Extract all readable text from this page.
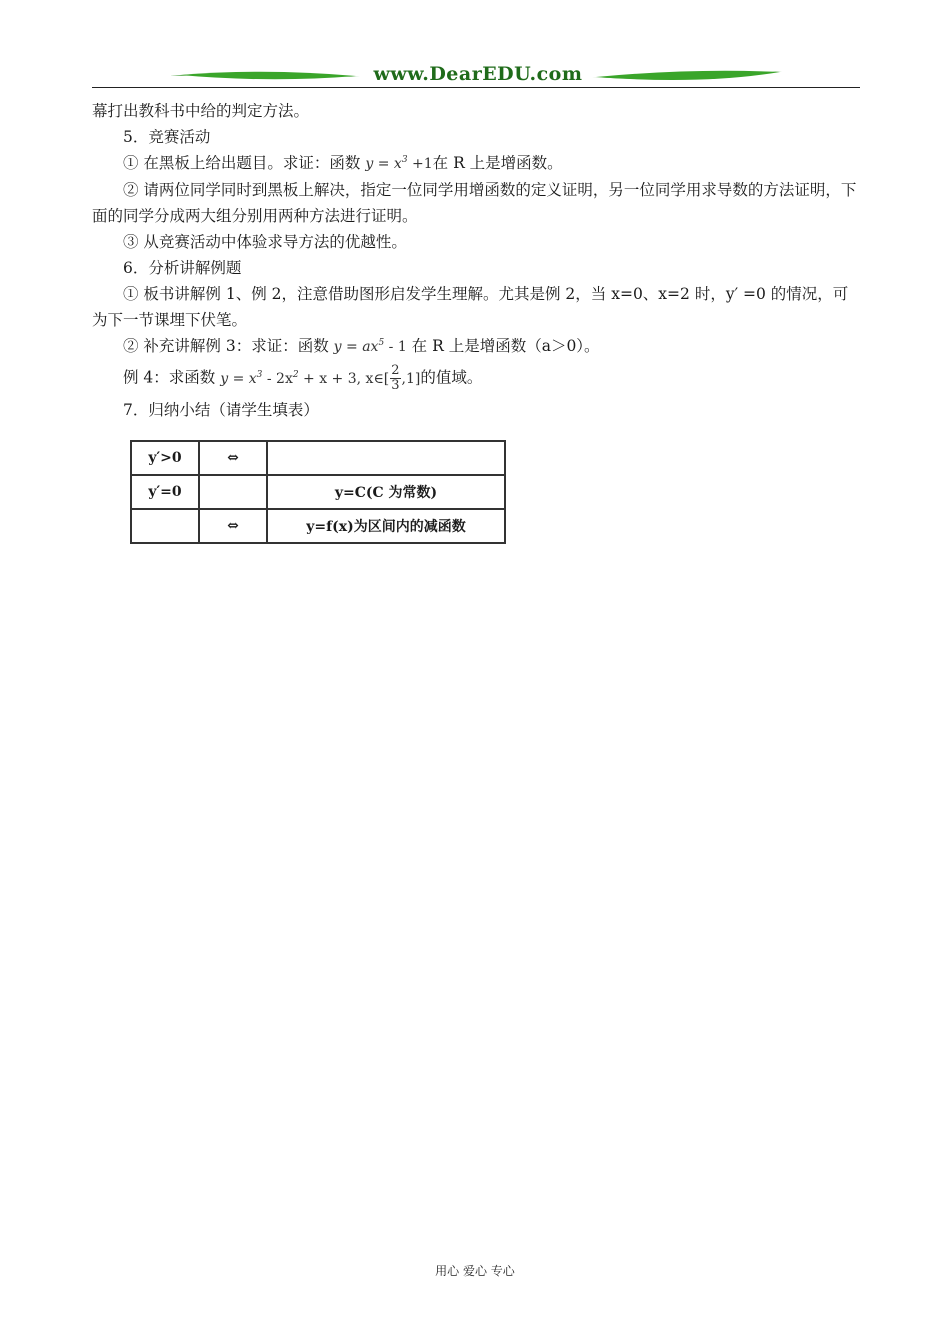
www.DearEDU.com
幕打出教科书中给的判定方法。
5．竞赛活动
① 在黑板上给出题目。求证：函数 $y = x^3 +1$在 R 上是增函数。
② 请两位同学同时到黑板上解决，指定一位同学用增函数的定义证明，另一位同学用求导数的方法证明，下面的同学分成两大组分别用两种方法进行证明。
③ 从竞赛活动中体验求导方法的优越性。
6．分析讲解例题
① 板书讲解例 1、例 2，注意借助图形启发学生理解。尤其是例 2，当 x=0、x=2 时，y′ =0 的情况，可为下一节课埋下伏笔。
② 补充讲解例 3：求证：函数 $y = ax^5 - 1$ 在 R 上是增函数（a＞0）。
例 4：求函数 $y = x^3 - 2x^2 + x + 3$, x∈[ $\frac{2}{3} ,1$]的值域。
7．归纳小结（请学生填表）
y′>0	⇔	
y′=0		y=C(C 为常数)
	⇔	y=f(x)为区间内的减函数
用心 爱心 专心
